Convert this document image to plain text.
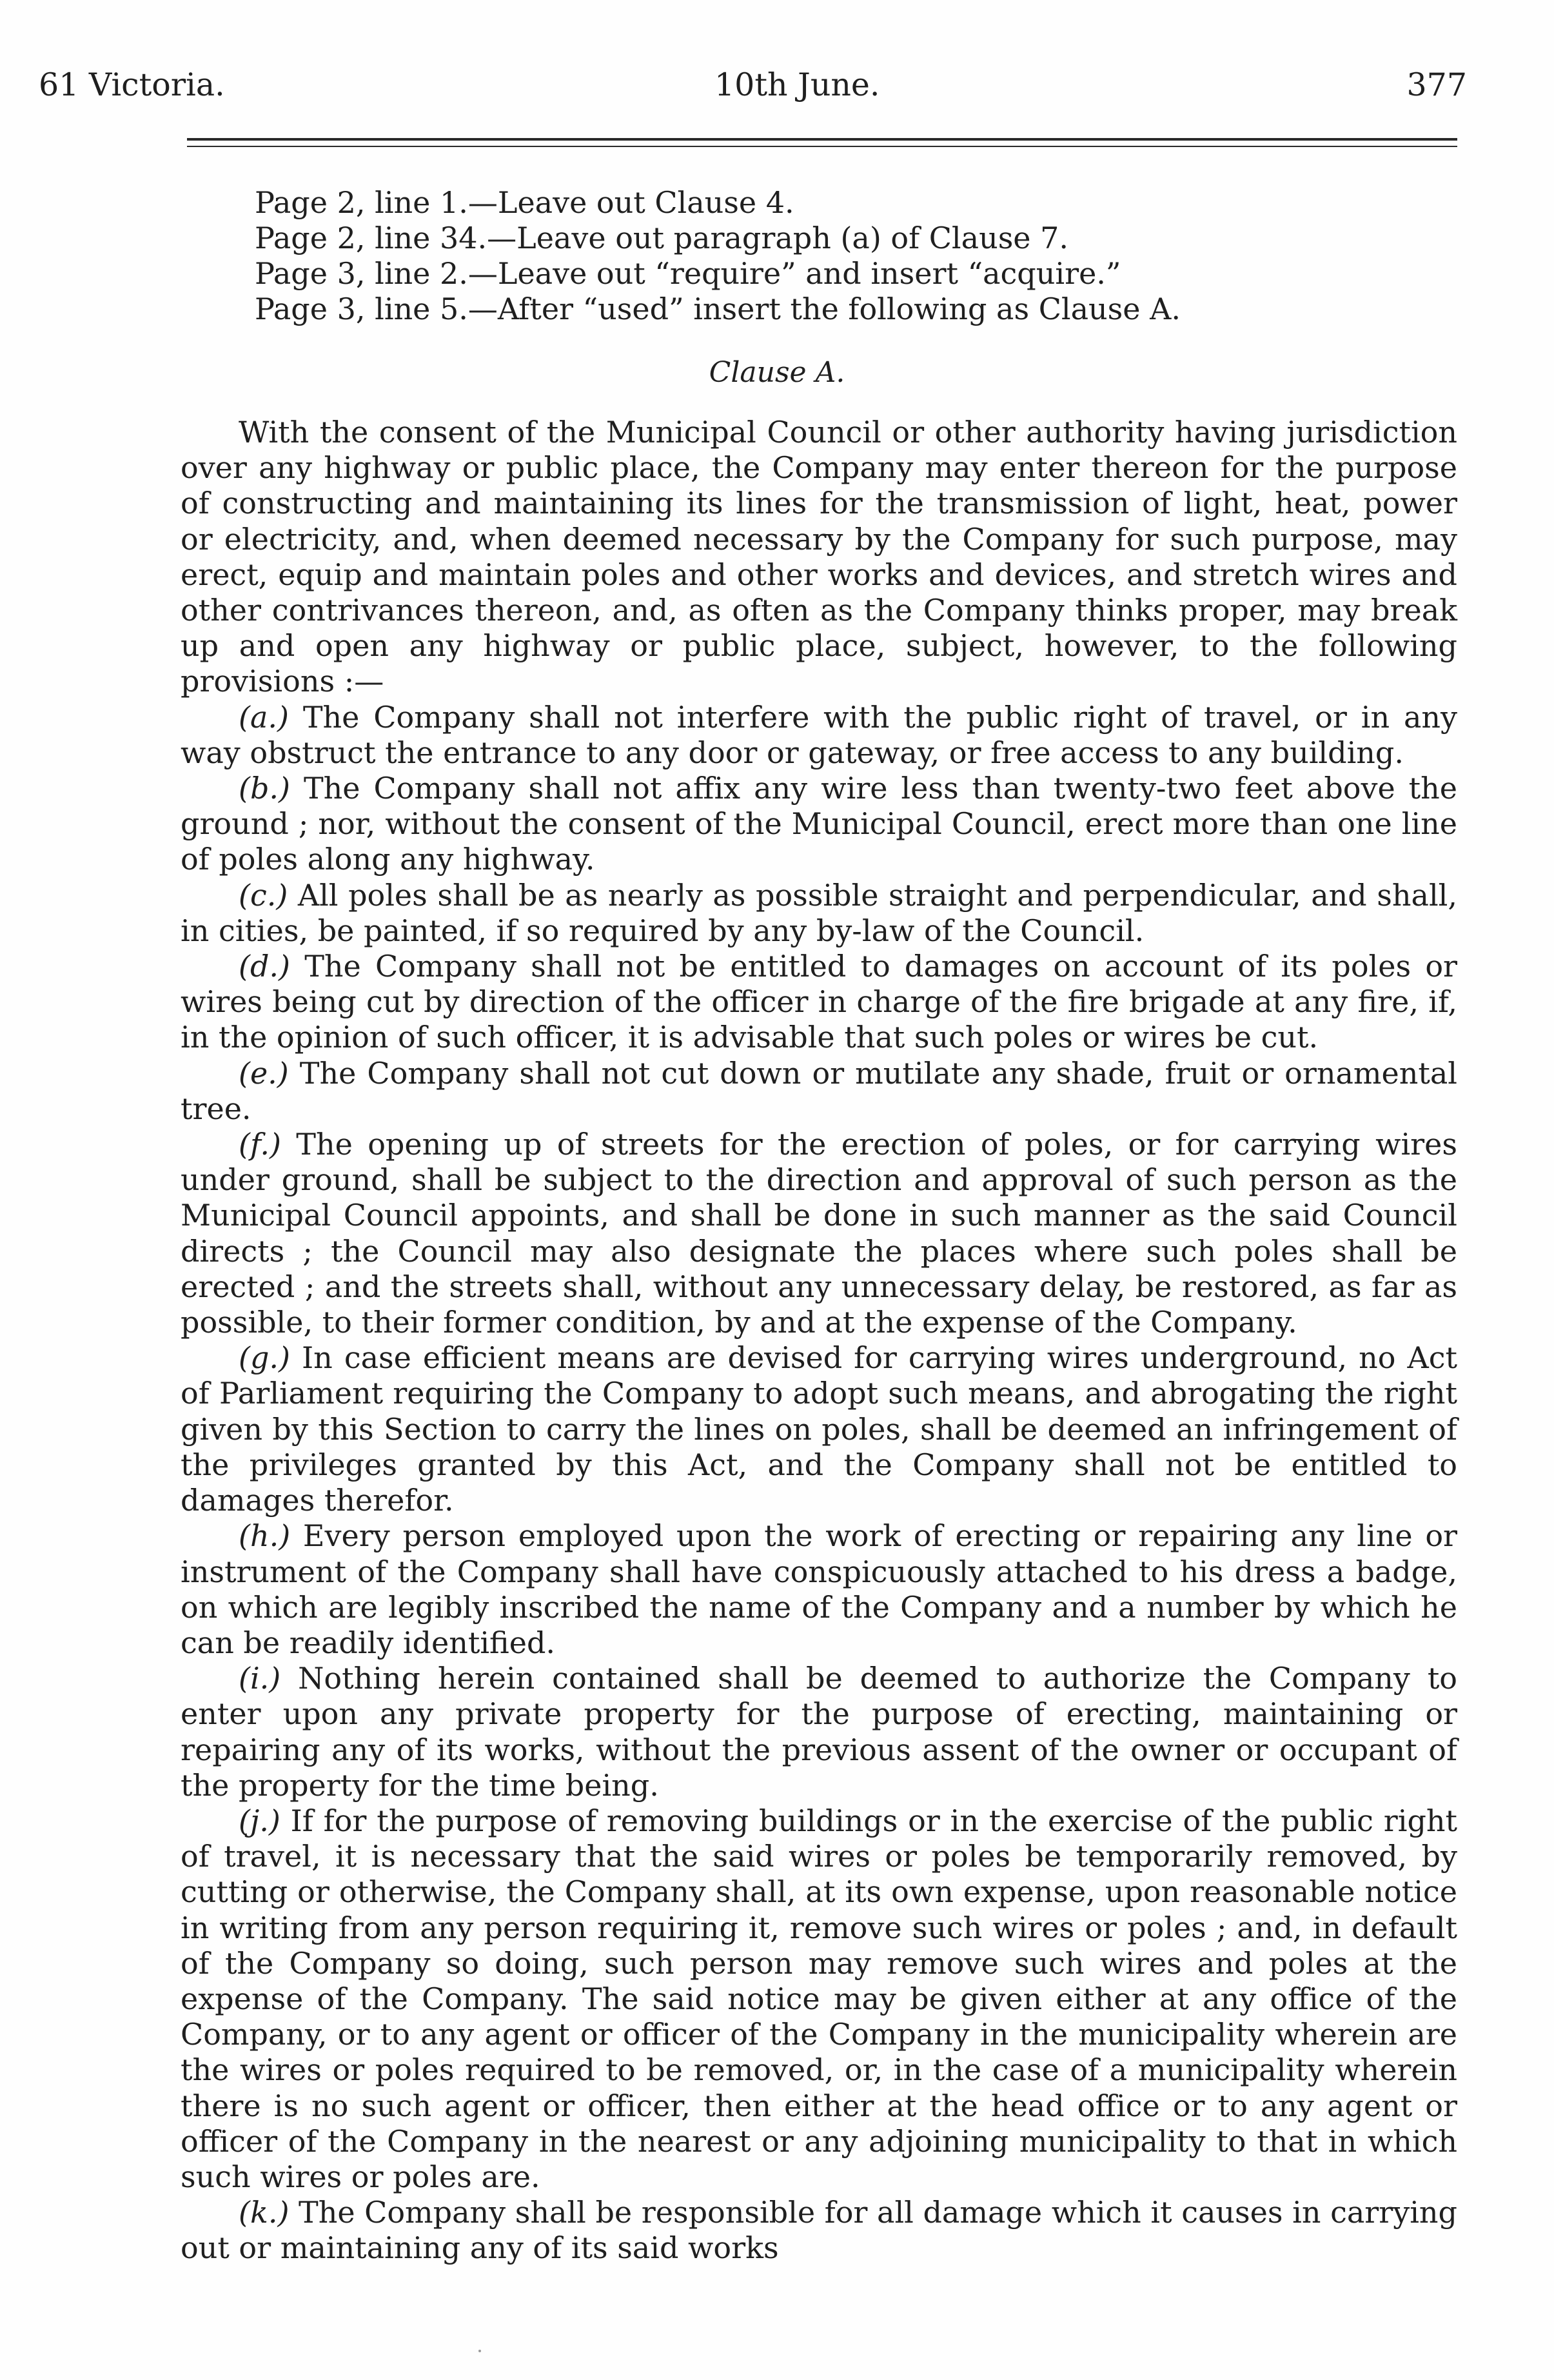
61 Victoria.	10th June.	377
Page 2, line 1.—Leave out Clause 4.
Page 2, line 34.—Leave out paragraph (a) of Clause 7.
Page 3, line 2.—Leave out “require” and insert “acquire.”
Page 3, line 5.—After “used” insert the following as Clause A.
Clause A.

With the consent of the Municipal Council or other authority having jurisdiction over any highway or public place, the Company may enter thereon for the purpose of constructing and maintaining its lines for the transmission of light, heat, power or electricity, and, when deemed necessary by the Company for such purpose, may erect, equip and maintain poles and other works and devices, and stretch wires and other contrivances thereon, and, as often as the Company thinks proper, may break up and open any highway or public place, subject, however, to the following provisions :—

(a.) The Company shall not interfere with the public right of travel, or in any way obstruct the entrance to any door or gateway, or free access to any building.

(b.) The Company shall not affix any wire less than twenty-two feet above the ground ; nor, without the consent of the Municipal Council, erect more than one line of poles along any highway.

(c.) All poles shall be as nearly as possible straight and perpendicular, and shall, in cities, be painted, if so required by any by-law of the Council.

(d.) The Company shall not be entitled to damages on account of its poles or wires being cut by direction of the officer in charge of the fire brigade at any fire, if, in the opinion of such officer, it is advisable that such poles or wires be cut.

(e.) The Company shall not cut down or mutilate any shade, fruit or ornamental tree.

(f.) The opening up of streets for the erection of poles, or for carrying wires under ground, shall be subject to the direction and approval of such person as the Municipal Council appoints, and shall be done in such manner as the said Council directs ; the Council may also designate the places where such poles shall be erected ; and the streets shall, without any unnecessary delay, be restored, as far as possible, to their former condition, by and at the expense of the Company.

(g.) In case efficient means are devised for carrying wires underground, no Act of Parliament requiring the Company to adopt such means, and abrogating the right given by this Section to carry the lines on poles, shall be deemed an infringement of the privileges granted by this Act, and the Company shall not be entitled to damages therefor.

(h.) Every person employed upon the work of erecting or repairing any line or instrument of the Company shall have conspicuously attached to his dress a badge, on which are legibly inscribed the name of the Company and a number by which he can be readily identified.

(i.) Nothing herein contained shall be deemed to authorize the Company to enter upon any private property for the purpose of erecting, maintaining or repairing any of its works, without the previous assent of the owner or occupant of the property for the time being.

(j.) If for the purpose of removing buildings or in the exercise of the public right of travel, it is necessary that the said wires or poles be temporarily removed, by cutting or otherwise, the Company shall, at its own expense, upon reasonable notice in writing from any person requiring it, remove such wires or poles ; and, in default of the Company so doing, such person may remove such wires and poles at the expense of the Company. The said notice may be given either at any office of the Company, or to any agent or officer of the Company in the municipality wherein are the wires or poles required to be removed, or, in the case of a municipality wherein there is no such agent or officer, then either at the head office or to any agent or officer of the Company in the nearest or any adjoining municipality to that in which such wires or poles are.

(k.) The Company shall be responsible for all damage which it causes in carrying out or maintaining any of its said works
